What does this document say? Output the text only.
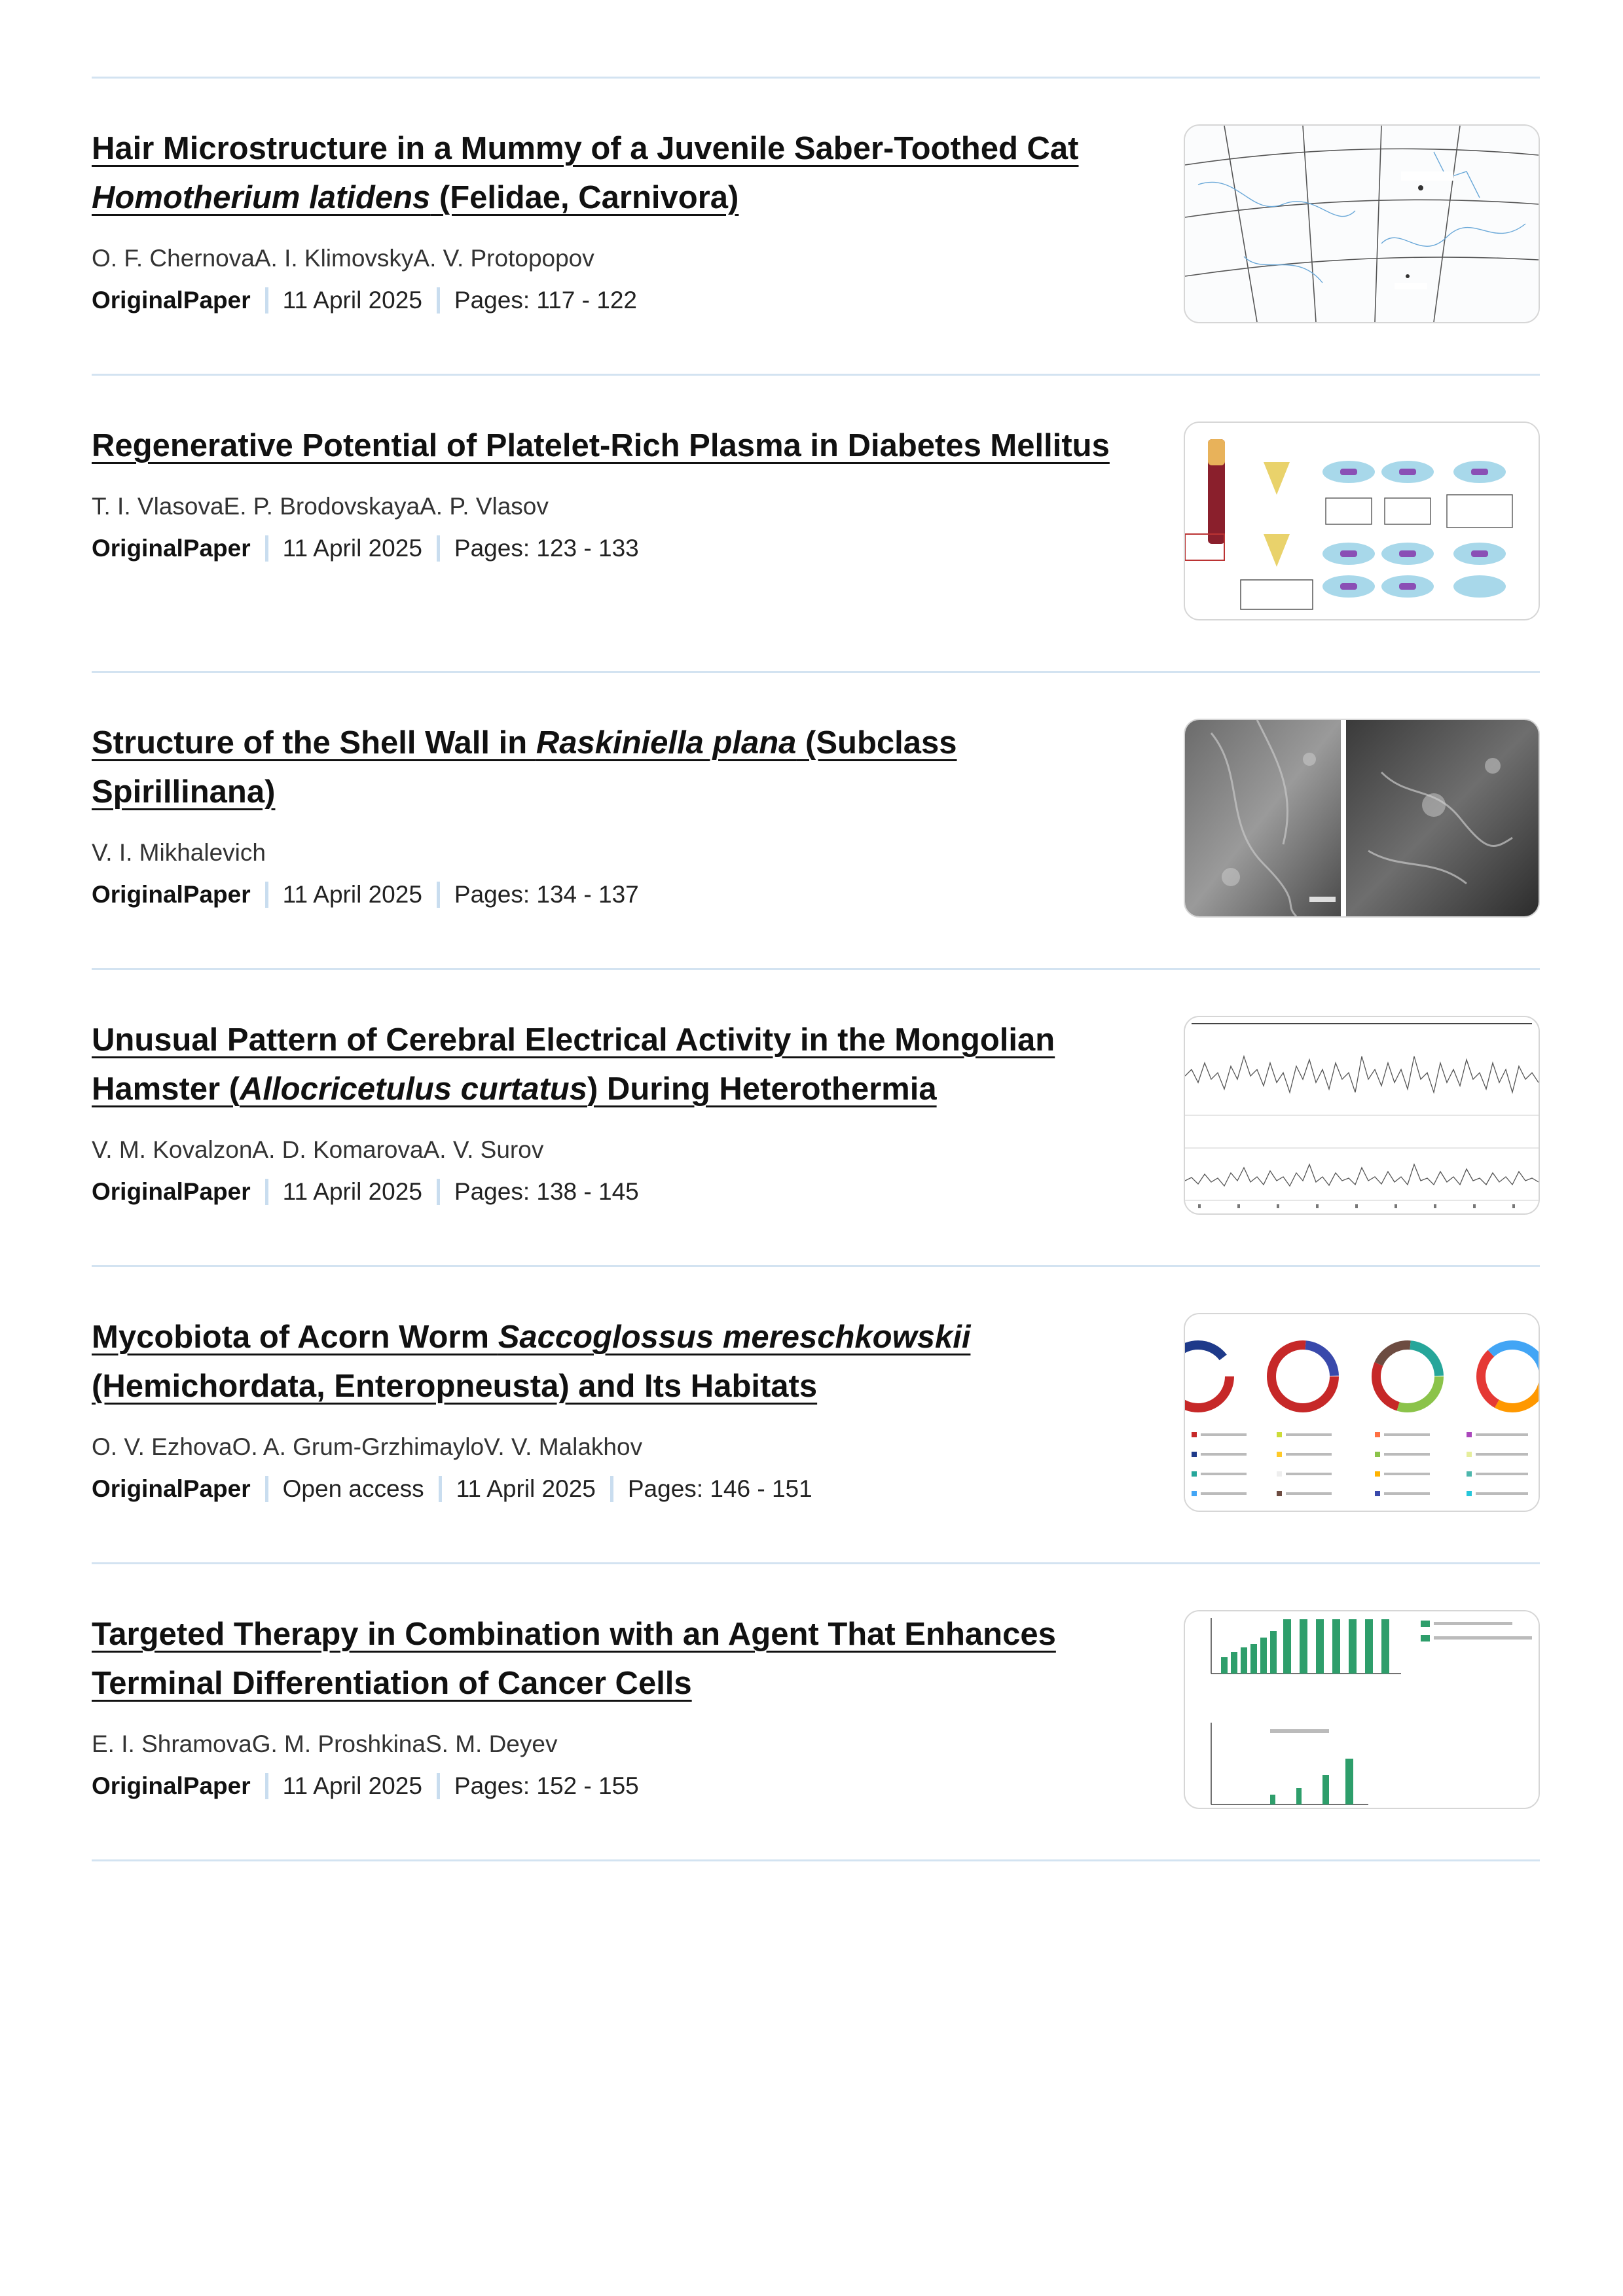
Hair Microstructure in a Mummy of a Juvenile Saber-Toothed Cat Homotherium latidens (Felidae, Carnivora)
O. F. ChernovaA. I. KlimovskyA. V. Protopopov
OriginalPaper 11 April 2025 Pages: 117 - 122
Regenerative Potential of Platelet-Rich Plasma in Diabetes Mellitus
T. I. VlasovaE. P. BrodovskayaA. P. Vlasov
OriginalPaper 11 April 2025 Pages: 123 - 133
Structure of the Shell Wall in Raskiniella plana (Subclass Spirillinana)
V. I. Mikhalevich
OriginalPaper 11 April 2025 Pages: 134 - 137
Unusual Pattern of Cerebral Electrical Activity in the Mongolian Hamster (Allocricetulus curtatus) During Heterothermia
V. M. KovalzonA. D. KomarovaA. V. Surov
OriginalPaper 11 April 2025 Pages: 138 - 145
Mycobiota of Acorn Worm Saccoglossus mereschkowskii (Hemichordata, Enteropneusta) and Its Habitats
O. V. EzhovaO. A. Grum-GrzhimayloV. V. Malakhov
OriginalPaper Open access 11 April 2025 Pages: 146 - 151
Targeted Therapy in Combination with an Agent That Enhances Terminal Differentiation of Cancer Cells
E. I. ShramovaG. M. ProshkinaS. M. Deyev
OriginalPaper 11 April 2025 Pages: 152 - 155
